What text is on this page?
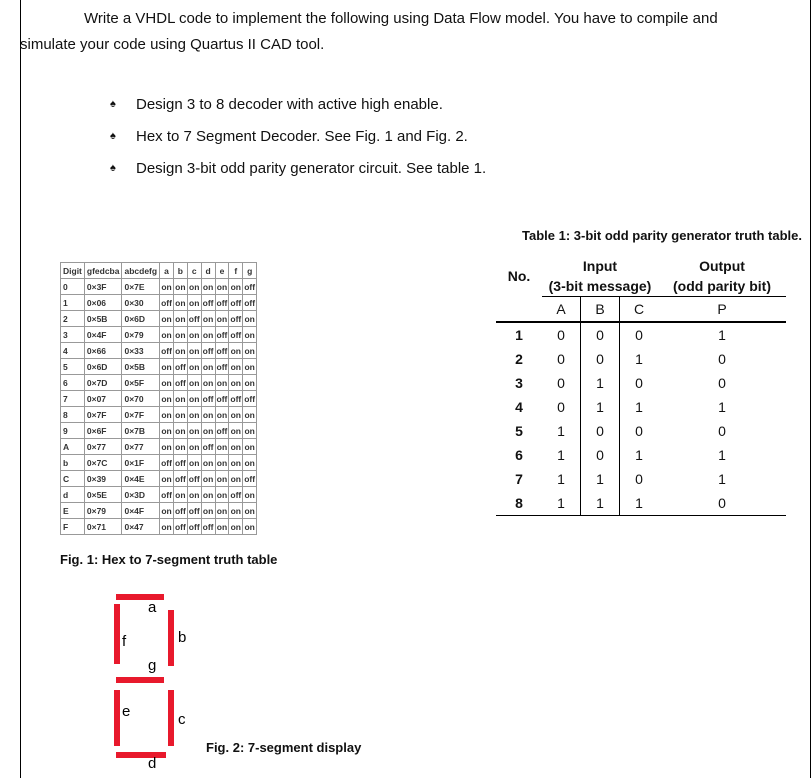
Write a VHDL code to implement the following using Data Flow model. You have to compile and
simulate your code using Quartus II CAD tool.
♠	Design 3 to 8 decoder with active high enable.
♠	Hex to 7 Segment Decoder. See Fig. 1 and Fig. 2.
♠	Design 3-bit odd parity generator circuit. See table 1.
Digit	gfedcba	abcdefg	a	b	c	d	e	f	g
0	0×3F	0×7E	on	on	on	on	on	on	off
1	0×06	0×30	off	on	on	off	off	off	off
2	0×5B	0×6D	on	on	off	on	on	off	on
3	0×4F	0×79	on	on	on	on	off	off	on
4	0×66	0×33	off	on	on	off	off	on	on
5	0×6D	0×5B	on	off	on	on	off	on	on
6	0×7D	0×5F	on	off	on	on	on	on	on
7	0×07	0×70	on	on	on	off	off	off	off
8	0×7F	0×7F	on	on	on	on	on	on	on
9	0×6F	0×7B	on	on	on	on	off	on	on
A	0×77	0×77	on	on	on	off	on	on	on
b	0×7C	0×1F	off	off	on	on	on	on	on
C	0×39	0×4E	on	off	off	on	on	on	off
d	0×5E	0×3D	off	on	on	on	on	off	on
E	0×79	0×4F	on	off	off	on	on	on	on
F	0×71	0×47	on	off	off	off	on	on	on
Fig. 1: Hex to 7-segment truth table
Table 1: 3-bit odd parity generator truth table.
No.	Input			Output
	(3-bit message)			(odd parity bit)
	A	B	C	P
1	0	0	0	1
2	0	0	1	0
3	0	1	0	0
4	0	1	1	1
5	1	0	0	0
6	1	0	1	1
7	1	1	0	1
8	1	1	1	0
a
f	b
g
e	c
d
Fig. 2: 7-segment display
